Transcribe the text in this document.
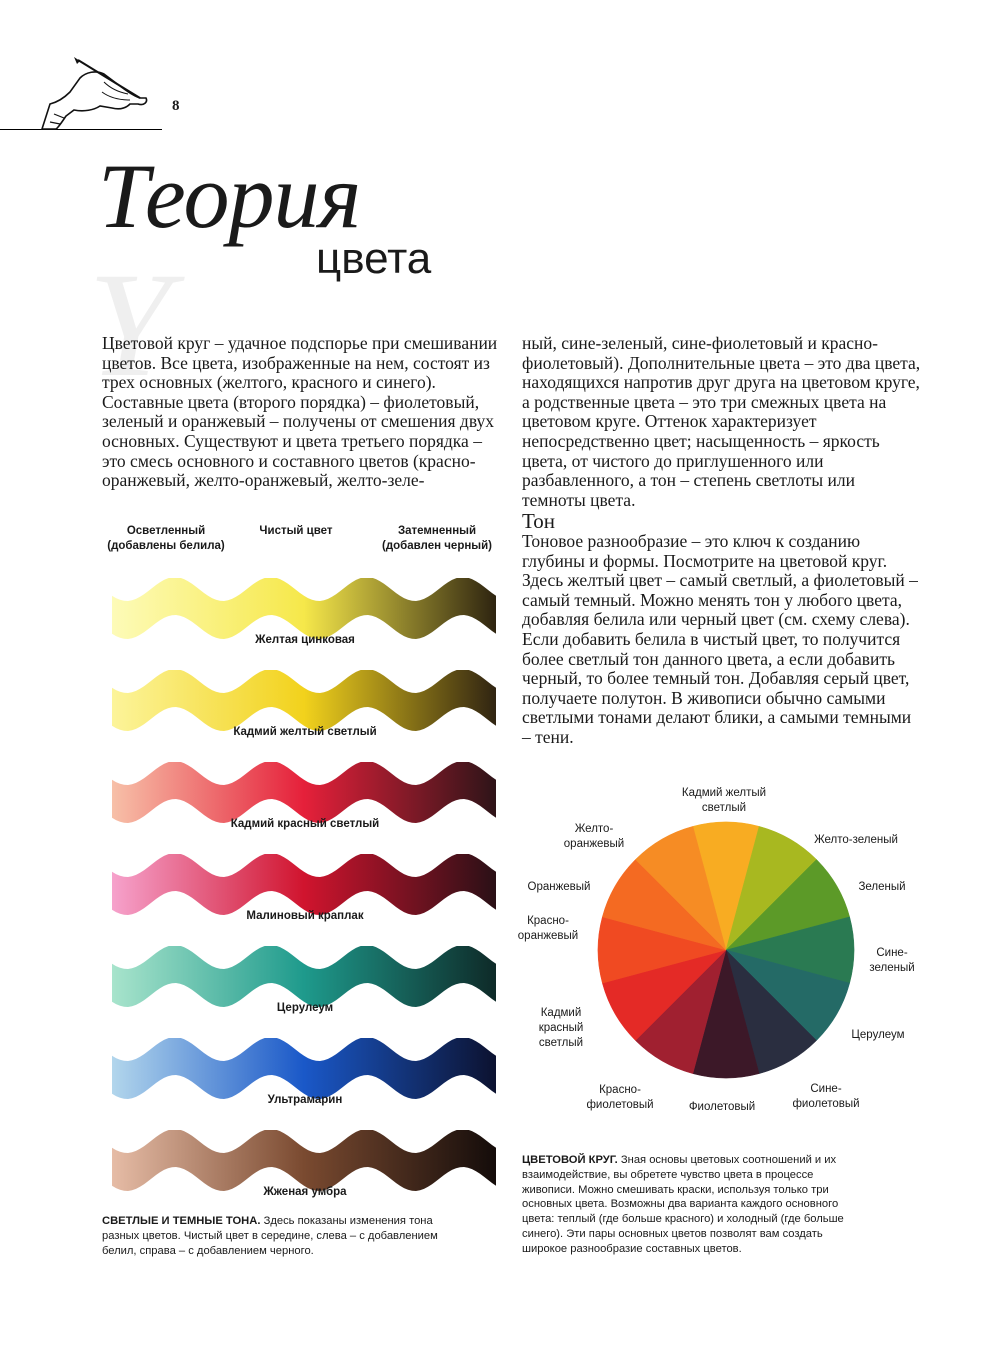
8
Y
Теория
цвета

Цветовой круг – удачное подспорье при смешивании цветов. Все цвета, изображенные на нем, состоят из трех основных (желтого, красного и синего). Составные цвета (второго порядка) – фиолетовый, зеленый и оранжевый – получены от смешения двух основных. Существуют и цвета третьего порядка – это смесь основного и составного цветов (красно-оранжевый, желто-оранжевый, желто-зеле-

ный, сине-зеленый, сине-фиолетовый и красно-фиолетовый). Дополнительные цвета – это два цвета, находящихся напротив друг друга на цветовом круге, а родственные цвета – это три смежных цвета на цветовом круге. Оттенок характеризует непосредственно цвет; насыщенность – яркость цвета, от чистого до приглушенного или разбавленного, а тон – степень светлоты или темноты цвета.

Тон

Тоновое разнообразие – это ключ к созданию глубины и формы. Посмотрите на цветовой круг. Здесь желтый цвет – самый светлый, а фиолетовый – самый темный. Можно менять тон у любого цвета, добавляя белила или черный цвет (см. схему слева). Если добавить белила в чистый цвет, то получится более светлый тон данного цвета, а если добавить черный, то более темный тон. Добавляя серый цвет, получаете полутон. В живописи обычно самыми светлыми тонами делают блики, а самыми темными – тени.

Осветленный
(добавлены белила)
Чистый цвет	Затемненный
(добавлен черный)
Желтая цинковая
Кадмий желтый светлый
Кадмий красный светлый
Малиновый краплак
Церулеум
Ультрамарин
Жженая умбра

СВЕТЛЫЕ И ТЕМНЫЕ ТОНА. Здесь показаны изменения тона разных цветов. Чистый цвет в середине, слева – с добавлением белил, справа – с добавлением черного.

Кадмий желтый
светлый
Желто-зеленый
Зеленый
Сине-
зеленый
Церулеум
Сине-
фиолетовый
Фиолетовый
Красно-
фиолетовый
Кадмий
красный
светлый
Красно-
оранжевый
Оранжевый
Желто-
оранжевый

ЦВЕТОВОЙ КРУГ. Зная основы цветовых соотношений и их взаимодействие, вы обретете чувство цвета в процессе живописи. Можно смешивать краски, используя только три основных цвета. Возможны два варианта каждого основного цвета: теплый (где больше красного) и холодный (где больше синего). Эти пары основных цветов позволят вам создать широкое разнообразие составных цветов.
